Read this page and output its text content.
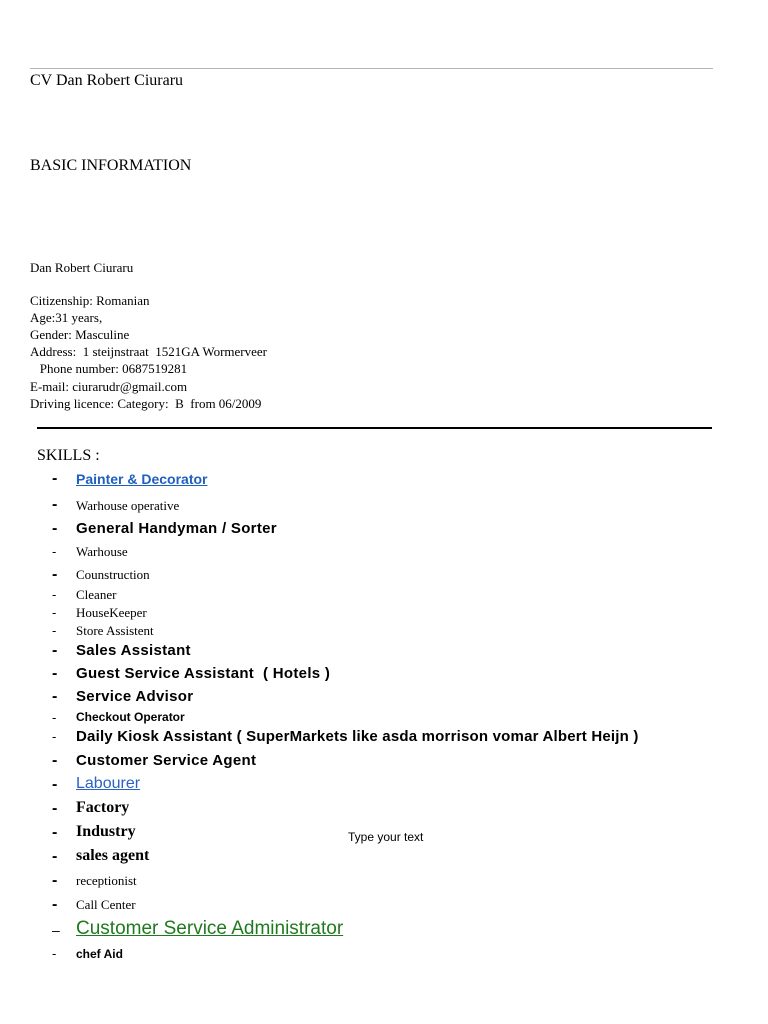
CV Dan Robert Ciuraru
BASIC INFORMATION
Dan Robert Ciuraru
Citizenship: Romanian
Age:31 years,
Gender: Masculine
Address:  1 steijnstraat  1521GA Wormerveer
Phone number: 0687519281
E-mail: ciurarudr@gmail.com
Driving licence: Category:  B  from 06/2009
SKILLS :
- Painter & Decorator
- Warhouse operative
- General Handyman / Sorter
- Warhouse
- Counstruction
- Cleaner
- HouseKeeper
- Store Assistent
- Sales Assistant
- Guest Service Assistant  ( Hotels )
- Service Advisor
- Checkout Operator
- Daily Kiosk Assistant ( SuperMarkets like asda morrison vomar Albert Heijn )
- Customer Service Agent
- Labourer
- Factory
- Industry
- sales agent
- receptionist
- Call Center
– Customer Service Administrator
- chef Aid
Type your text
